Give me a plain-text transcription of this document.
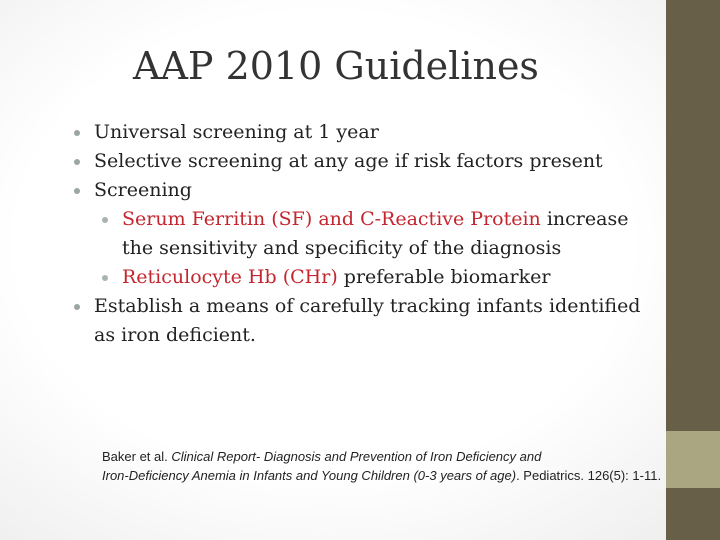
AAP 2010 Guidelines
Universal screening at 1 year
Selective screening at any age if risk factors present
Screening
Serum Ferritin (SF) and C-Reactive Protein increase the sensitivity and specificity of the diagnosis
Reticulocyte Hb (CHr) preferable biomarker
Establish a means of carefully tracking infants identified as iron deficient.
Baker et al. Clinical Report- Diagnosis and Prevention of Iron Deficiency and
Iron-Deficiency Anemia in Infants and Young Children (0-3 years of age). Pediatrics. 126(5): 1-11.
